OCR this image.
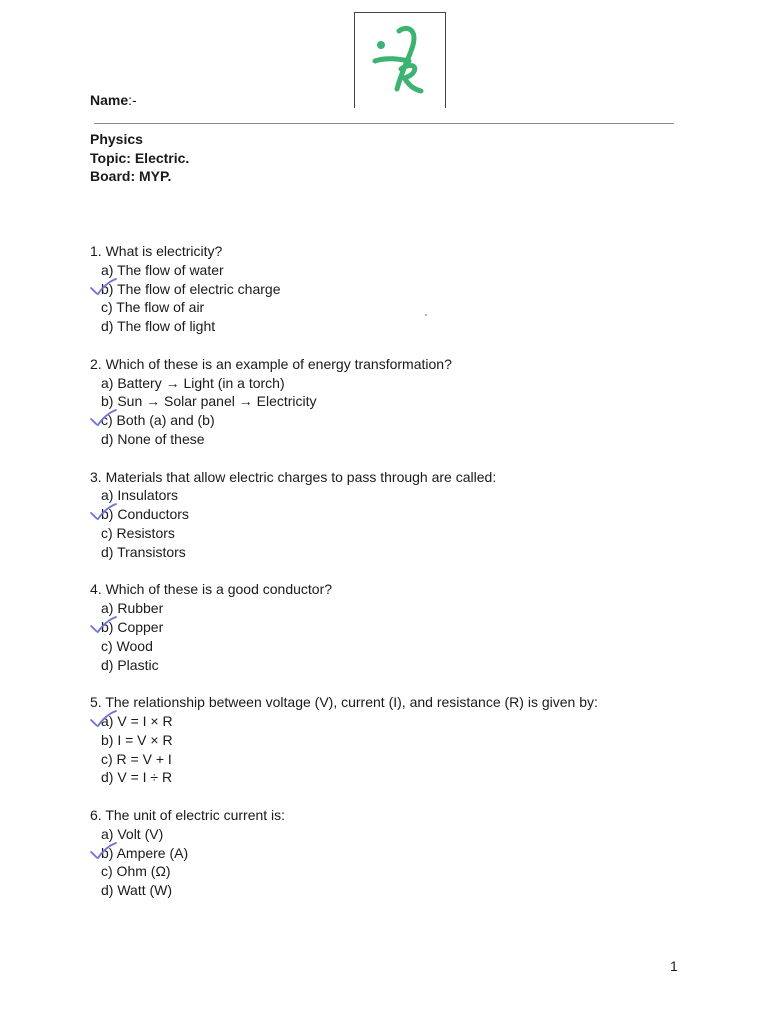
Name:-
Physics
Topic: Electric.
Board: MYP.
1. What is electricity?
a) The flow of water
b) The flow of electric charge
c) The flow of air
d) The flow of light
2. Which of these is an example of energy transformation?
a) Battery → Light (in a torch)
b) Sun → Solar panel → Electricity
c) Both (a) and (b)
d) None of these
3. Materials that allow electric charges to pass through are called:
a) Insulators
b) Conductors
c) Resistors
d) Transistors
4. Which of these is a good conductor?
a) Rubber
b) Copper
c) Wood
d) Plastic
5. The relationship between voltage (V), current (I), and resistance (R) is given by:
a) V = I × R
b) I = V × R
c) R = V + I
d) V = I ÷ R
6. The unit of electric current is:
a) Volt (V)
b) Ampere (A)
c) Ohm (Ω)
d) Watt (W)
1
